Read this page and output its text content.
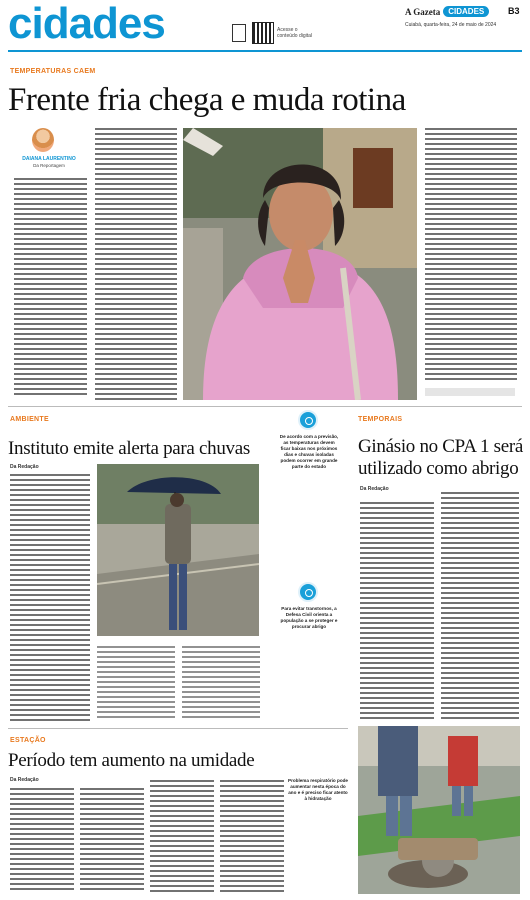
cidades	Acesse o conteúdo digital
A Gazeta	CIDADES	B3
Cuiabá, quarta-feira, 24 de maio de 2024
TEMPERATURAS CAEM
Frente fria chega e muda rotina
DAIANA LAURENTINO
Da Reportagem
AMBIENTE
Instituto emite alerta para chuvas
Da Redação
De acordo com a previsão, as temperaturas devem ficar baixas nos próximos dias e chuvas isoladas podem ocorrer em grande parte do estado
Para evitar transtornos, a Defesa Civil orienta a população a se proteger e procurar abrigo
TEMPORAIS
Ginásio no CPA 1 será
utilizado como abrigo
Da Redação
ESTAÇÃO
Período tem aumento na umidade
Da Redação	Problema respiratório pode aumentar nesta época do ano e é preciso ficar atento à hidratação
